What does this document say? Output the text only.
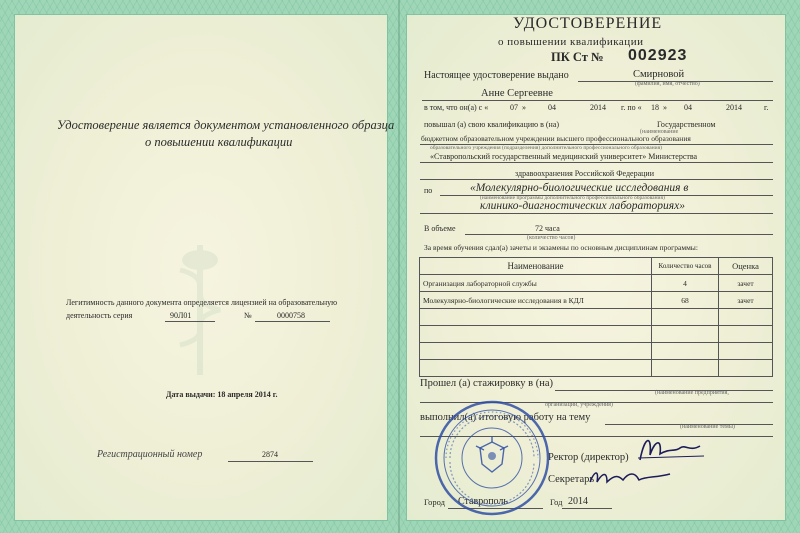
Удостоверение является документом установленного образца
о повышении квалификации
Легитимность данного документа определяется лицензией на образовательную
деятельность серия	90Л01	№	0000758
Дата выдачи: 18 апреля 2014 г.
Регистрационный номер	2874
УДОСТОВЕРЕНИЕ
о повышении квалификации
ПК Ст № 002923
Настоящее удостоверение выдано	Смирновой
(фамилия, имя, отчество)
Анне Сергеевне
в том, что он(а) с «	07 »	04	2014 г. по « 18 » 04	2014	г.
повышал (а) свою квалификацию в (на)	Государственном
(наименование
бюджетном образовательном учреждении высшего профессионального образования
образовательного учреждения (подразделения) дополнительного профессионального образования)
«Ставропольский государственный медицинский университет» Министерства
здравоохранения Российской Федерации
по	«Молекулярно-биологические исследования в
(наименование программы дополнительного профессионального образования)
клинико-диагностических лабораториях»
В объеме	72 часа
(количество часов)
За время обучения сдал(а) зачеты и экзамены по основным дисциплинам программы:
Наименование	Количество часов	Оценка
Организация лабораторной службы	4	зачет
Молекулярно-биологические исследования в КДЛ	68	зачет

Прошел (а) стажировку в (на)
(наименование предприятия,
организации, учреждения)
выполнил(а) итоговую работу на тему
(наименование темы)
Ректор (директор)
Секретарь
Город Ставрополь	Год 2014
